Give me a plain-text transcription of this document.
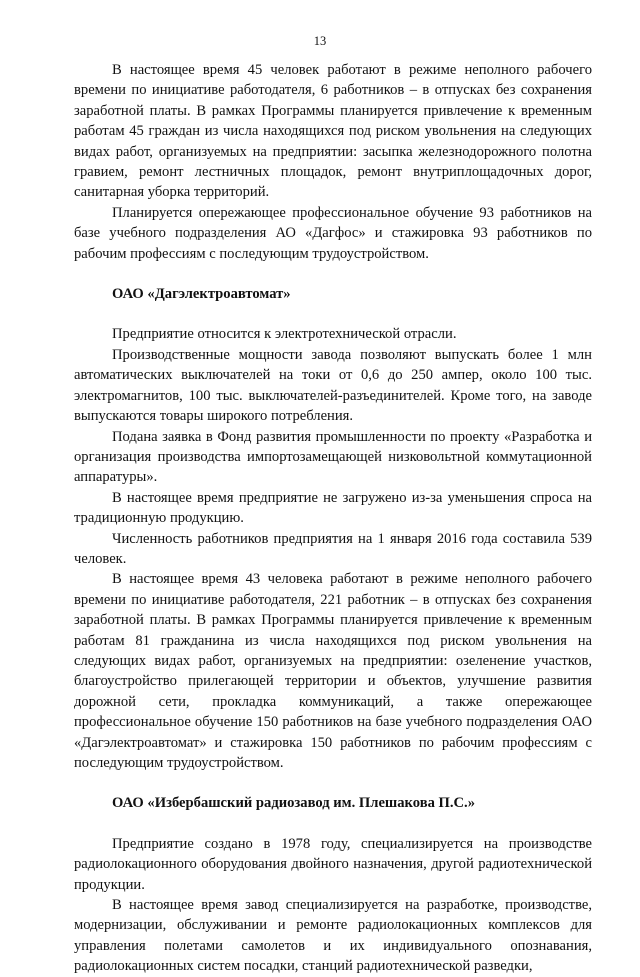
13

В настоящее время 45 человек работают в режиме неполного рабочего времени по инициативе работодателя, 6 работников – в отпусках без сохранения заработной платы. В рамках Программы планируется привлечение к временным работам 45 граждан из числа находящихся под риском увольнения на следующих видах работ, организуемых на предприятии: засыпка железнодорожного полотна гравием, ремонт лестничных площадок, ремонт внутриплощадочных дорог, санитарная уборка территорий.

Планируется опережающее профессиональное обучение 93 работников на базе учебного подразделения АО «Дагфос» и стажировка 93 работников по рабочим профессиям с последующим трудоустройством.

ОАО «Дагэлектроавтомат»

Предприятие относится к электротехнической отрасли.

Производственные мощности завода позволяют выпускать более 1 млн автоматических выключателей на токи от 0,6 до 250 ампер, около 100 тыс. электромагнитов, 100 тыс. выключателей-разъединителей. Кроме того, на заводе выпускаются товары широкого потребления.

Подана заявка в Фонд развития промышленности по проекту «Разработка и организация производства импортозамещающей низковольтной коммутационной аппаратуры».

В настоящее время предприятие не загружено из-за уменьшения спроса на традиционную продукцию.

Численность работников предприятия на 1 января 2016 года составила 539 человек.

В настоящее время 43 человека работают в режиме неполного рабочего времени по инициативе работодателя, 221 работник – в отпусках без сохранения заработной платы. В рамках Программы планируется привлечение к временным работам 81 гражданина из числа находящихся под риском увольнения на следующих видах работ, организуемых на предприятии: озеленение участков, благоустройство прилегающей территории и объектов, улучшение развития дорожной сети, прокладка коммуникаций, а также опережающее профессиональное обучение 150 работников на базе учебного подразделения ОАО «Дагэлектроавтомат» и стажировка 150 работников по рабочим профессиям с последующим трудоустройством.

ОАО «Избербашский радиозавод им. Плешакова П.С.»

Предприятие создано в 1978 году, специализируется на производстве радиолокационного оборудования двойного назначения, другой радиотехнической продукции.

В настоящее время завод специализируется на разработке, производстве, модернизации, обслуживании и ремонте радиолокационных комплексов для управления полетами самолетов и их индивидуального опознавания, радиолокационных систем посадки, станций радиотехнической разведки,
